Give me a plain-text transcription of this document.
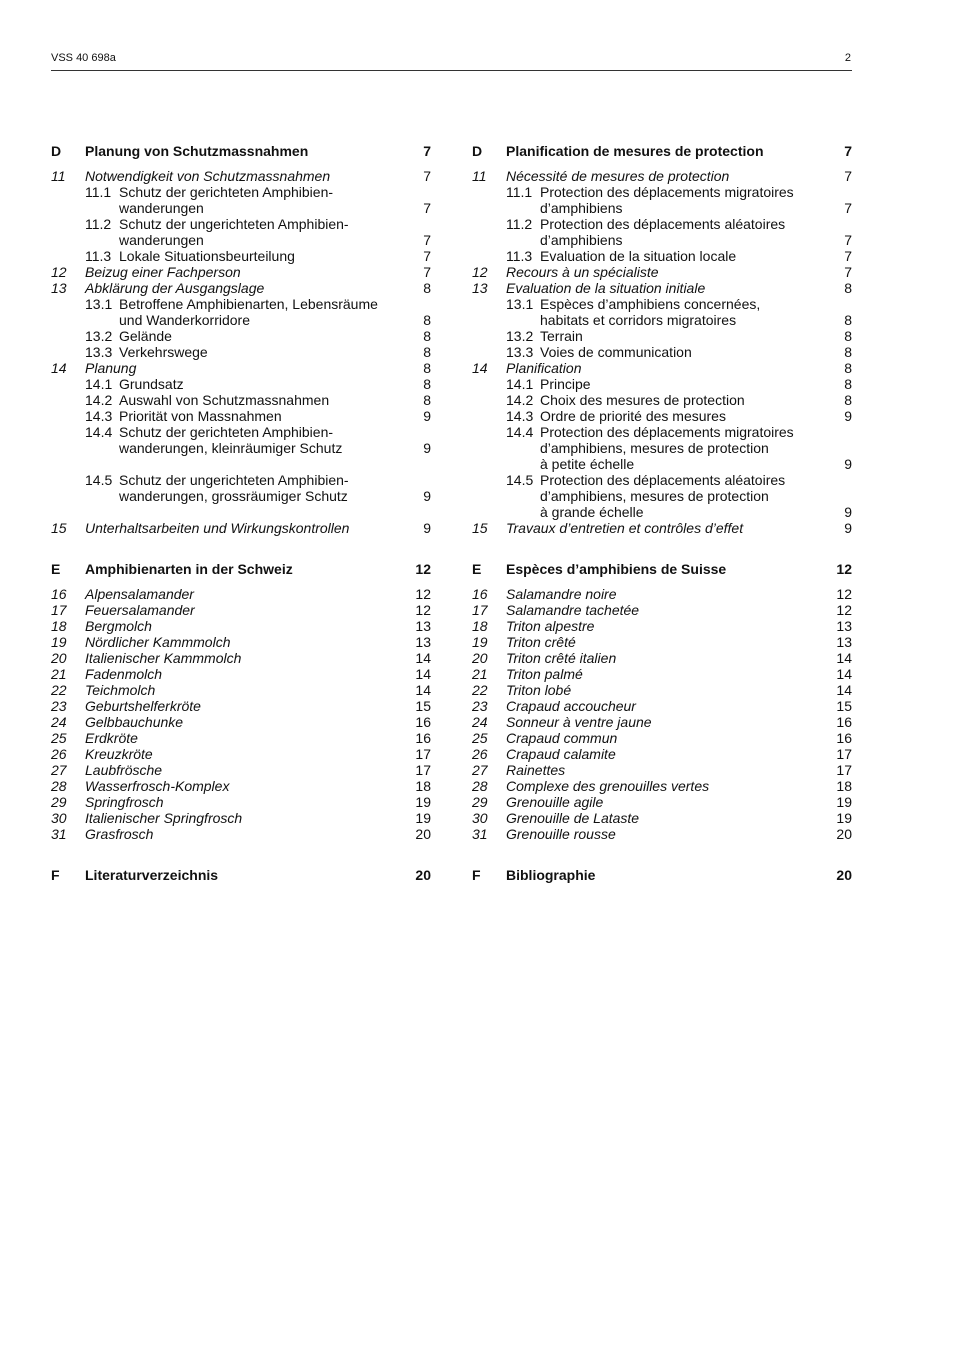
VSS 40 698a	2
D Planung von Schutzmassnahmen	7
11 Notwendigkeit von Schutzmassnahmen	7
11.1 Schutz der gerichteten Amphibien-
wanderungen	7
11.2 Schutz der ungerichteten Amphibien-
wanderungen	7
11.3 Lokale Situationsbeurteilung	7
12 Beizug einer Fachperson	7
13 Abklärung der Ausgangslage	8
13.1 Betroffene Amphibienarten, Lebensräume
und Wanderkorridore	8
13.2 Gelände	8
13.3 Verkehrswege	8
14 Planung	8
14.1 Grundsatz	8
14.2 Auswahl von Schutzmassnahmen	8
14.3 Priorität von Massnahmen	9
14.4 Schutz der gerichteten Amphibien-
wanderungen, kleinräumiger Schutz	9
14.5 Schutz der ungerichteten Amphibien-
wanderungen, grossräumiger Schutz	9
15 Unterhaltsarbeiten und Wirkungskontrollen	9
E Amphibienarten in der Schweiz	12
16 Alpensalamander	12
17 Feuersalamander	12
18 Bergmolch	13
19 Nördlicher Kammmolch	13
20 Italienischer Kammmolch	14
21 Fadenmolch	14
22 Teichmolch	14
23 Geburtshelferkröte	15
24 Gelbbauchunke	16
25 Erdkröte	16
26 Kreuzkröte	17
27 Laubfrösche	17
28 Wasserfrosch-Komplex	18
29 Springfrosch	19
30 Italienischer Springfrosch	19
31 Grasfrosch	20
F Literaturverzeichnis	20
D Planification de mesures de protection	7
11 Nécessité de mesures de protection	7
11.1 Protection des déplacements migratoires
d’amphibiens	7
11.2 Protection des déplacements aléatoires
d’amphibiens	7
11.3 Evaluation de la situation locale	7
12 Recours à un spécialiste	7
13 Evaluation de la situation initiale	8
13.1 Espèces d’amphibiens concernées,
habitats et corridors migratoires	8
13.2 Terrain	8
13.3 Voies de communication	8
14 Planification	8
14.1 Principe	8
14.2 Choix des mesures de protection	8
14.3 Ordre de priorité des mesures	9
14.4 Protection des déplacements migratoires
d’amphibiens, mesures de protection
à petite échelle	9
14.5 Protection des déplacements aléatoires
d’amphibiens, mesures de protection
à grande échelle	9
15 Travaux d’entretien et contrôles d’effet	9
E Espèces d’amphibiens de Suisse	12
16 Salamandre noire	12
17 Salamandre tachetée	12
18 Triton alpestre	13
19 Triton crêté	13
20 Triton crêté italien	14
21 Triton palmé	14
22 Triton lobé	14
23 Crapaud accoucheur	15
24 Sonneur à ventre jaune	16
25 Crapaud commun	16
26 Crapaud calamite	17
27 Rainettes	17
28 Complexe des grenouilles vertes	18
29 Grenouille agile	19
30 Grenouille de Lataste	19
31 Grenouille rousse	20
F Bibliographie	20
